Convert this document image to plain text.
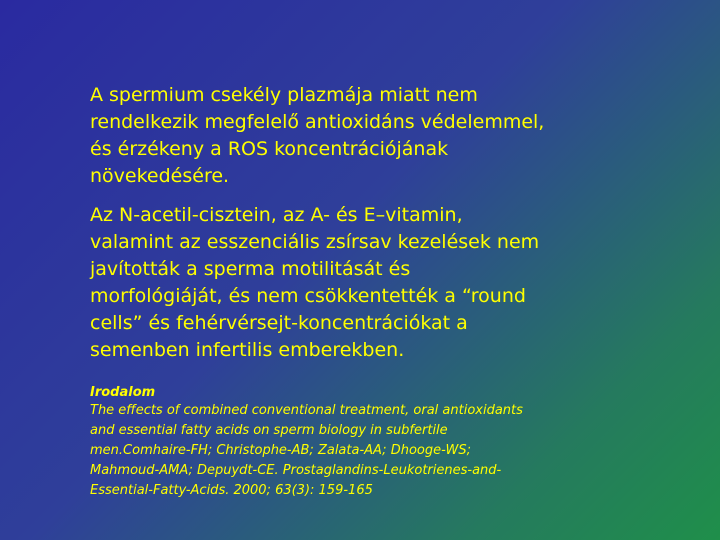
A spermium csekély plazmája miatt nem
rendelkezik megfelelő antioxidáns védelemmel,
és érzékeny a ROS koncentrációjának
növekedésére.

Az N-acetil-cisztein, az A- és E–vitamin,
valamint az esszenciális zsírsav kezelések nem
javították a sperma motilitását és
morfológiáját, és nem csökkentették a “round
cells” és fehérvérsejt-koncentrációkat a
semenben infertilis emberekben.

Irodalom

The effects of combined conventional treatment, oral antioxidants
and essential fatty acids on sperm biology in subfertile
men.Comhaire-FH; Christophe-AB; Zalata-AA; Dhooge-WS;
Mahmoud-AMA; Depuydt-CE. Prostaglandins-Leukotrienes-and-
Essential-Fatty-Acids. 2000; 63(3): 159-165
